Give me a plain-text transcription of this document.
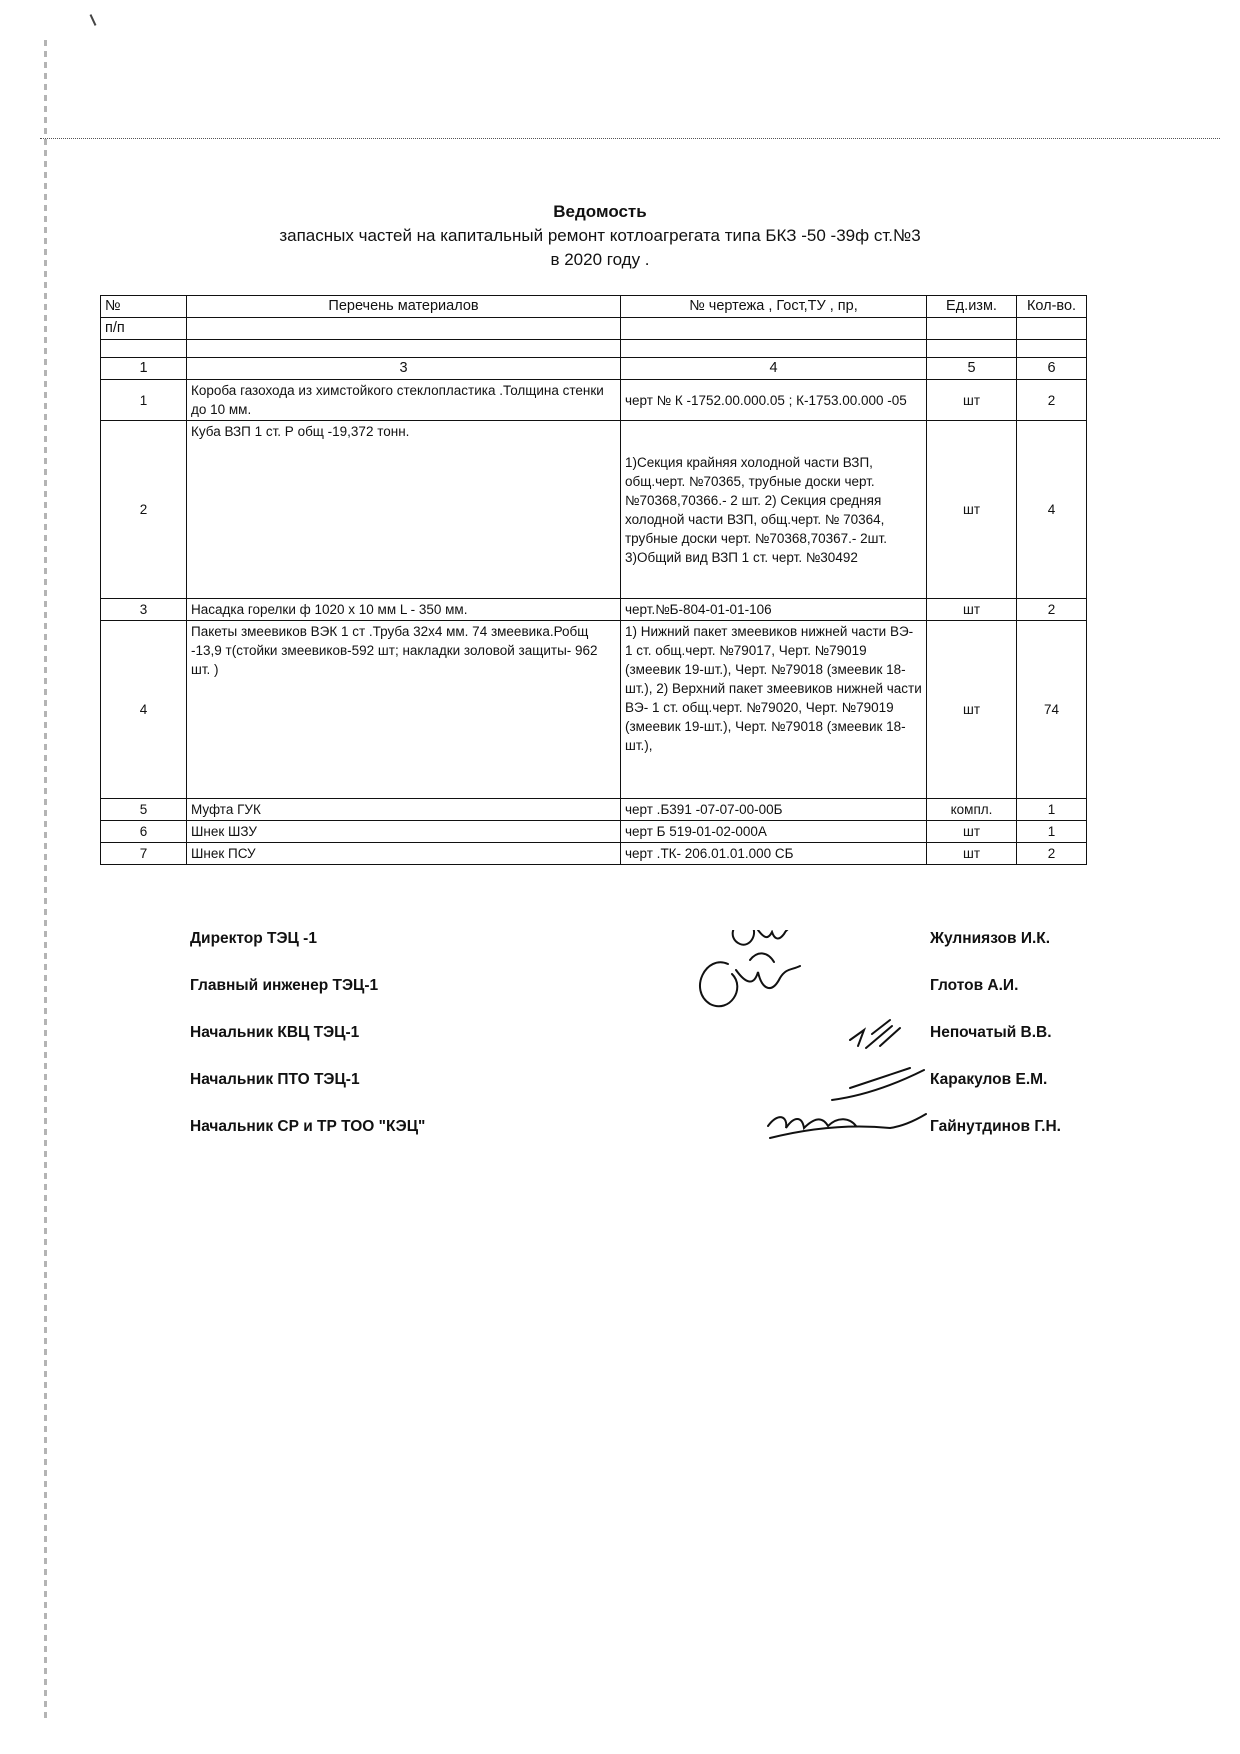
Ведомость
запасных частей на капитальный ремонт котлоагрегата типа БКЗ -50 -39ф ст.№3
в 2020 году .
№	Перечень материалов	№ чертежа , Гост,ТУ , пр,	Ед.изм.	Кол-во.
п/п				

1	3	4	5	6
1	Короба газохода из химстойкого стеклопластика .Толщина стенки до 10 мм.	черт № К -1752.00.000.05 ; К-1753.00.000 -05	шт	2
2	Куба ВЗП 1 ст. Р общ -19,372 тонн.	1)Секция крайняя холодной части ВЗП, общ.черт. №70365, трубные доски черт. №70368,70366.- 2 шт. 2) Секция средняя холодной части ВЗП, общ.черт. № 70364, трубные доски черт. №70368,70367.- 2шт. 3)Общий вид ВЗП 1 ст. черт. №30492	шт	4
3	Насадка горелки ф 1020 х 10 мм L - 350 мм.	черт.№Б-804-01-01-106	шт	2
4	Пакеты змеевиков ВЭК 1 ст .Труба 32х4 мм. 74 змеевика.Робщ -13,9 т(стойки змеевиков-592 шт; накладки золовой защиты- 962 шт. )	1) Нижний пакет змеевиков нижней части ВЭ- 1 ст. общ.черт. №79017, Черт. №79019 (змеевик 19-шт.), Черт. №79018 (змеевик 18-шт.), 2) Верхний пакет змеевиков нижней части ВЭ- 1 ст. общ.черт. №79020, Черт. №79019 (змеевик 19-шт.), Черт. №79018 (змеевик 18-шт.),	шт	74
5	Муфта ГУК	черт .Б391 -07-07-00-00Б	компл.	1
6	Шнек ШЗУ	черт Б 519-01-02-000А	шт	1
7	Шнек ПСУ	черт .ТК- 206.01.01.000 СБ	шт	2
Директор ТЭЦ -1	Жулниязов И.К.
Главный инженер ТЭЦ-1	Глотов А.И.
Начальник КВЦ ТЭЦ-1	Непочатый В.В.
Начальник ПТО ТЭЦ-1	Каракулов Е.М.
Начальник СР и ТР ТОО "КЭЦ"	Гайнутдинов Г.Н.
